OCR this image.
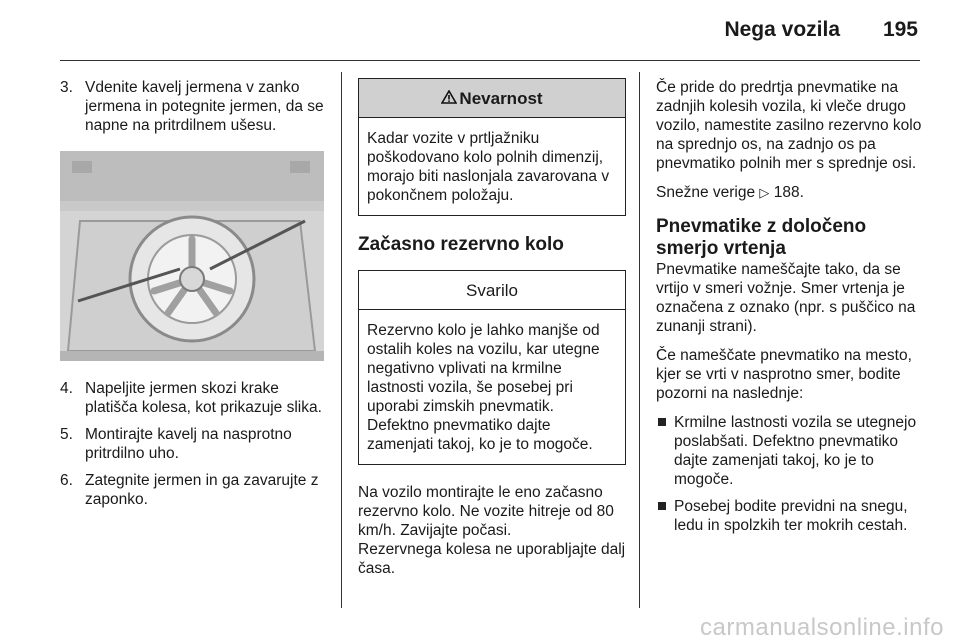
Nega vozila 195
3. Vdenite kavelj jermena v zanko jermena in potegnite jermen, da se napne na pritrdilnem ušesu.
4. Napeljite jermen skozi krake platišča kolesa, kot prikazuje slika.
5. Montirajte kavelj na nasprotno pritrdilno uho.
6. Zategnite jermen in ga zavarujte z zaponko.
Nevarnost
Kadar vozite v prtljažniku poškodovano kolo polnih dimenzij, morajo biti naslonjala zavarovana v pokončnem položaju.
Začasno rezervno kolo
Svarilo
Rezervno kolo je lahko manjše od ostalih koles na vozilu, kar utegne negativno vplivati na krmilne lastnosti vozila, še posebej pri uporabi zimskih pnevmatik. Defektno pnevmatiko dajte zamenjati takoj, ko je to mogoče.
Na vozilo montirajte le eno začasno rezervno kolo. Ne vozite hitreje od 80 km/h. Zavijajte počasi.
Rezervnega kolesa ne uporabljajte dalj časa.
Če pride do predrtja pnevmatike na zadnjih kolesih vozila, ki vleče drugo vozilo, namestite zasilno rezervno kolo na sprednjo os, na zadnjo os pa pnevmatiko polnih mer s sprednje osi.
Snežne verige ▷ 188.
Pnevmatike z določeno smerjo vrtenja
Pnevmatike nameščajte tako, da se vrtijo v smeri vožnje. Smer vrtenja je označena z oznako (npr. s puščico na zunanji strani).
Če nameščate pnevmatiko na mesto, kjer se vrti v nasprotno smer, bodite pozorni na naslednje:
Krmilne lastnosti vozila se utegnejo poslabšati. Defektno pnevmatiko dajte zamenjati takoj, ko je to mogoče.
Posebej bodite previdni na snegu, ledu in spolzkih ter mokrih cestah.
carmanualsonline.info
